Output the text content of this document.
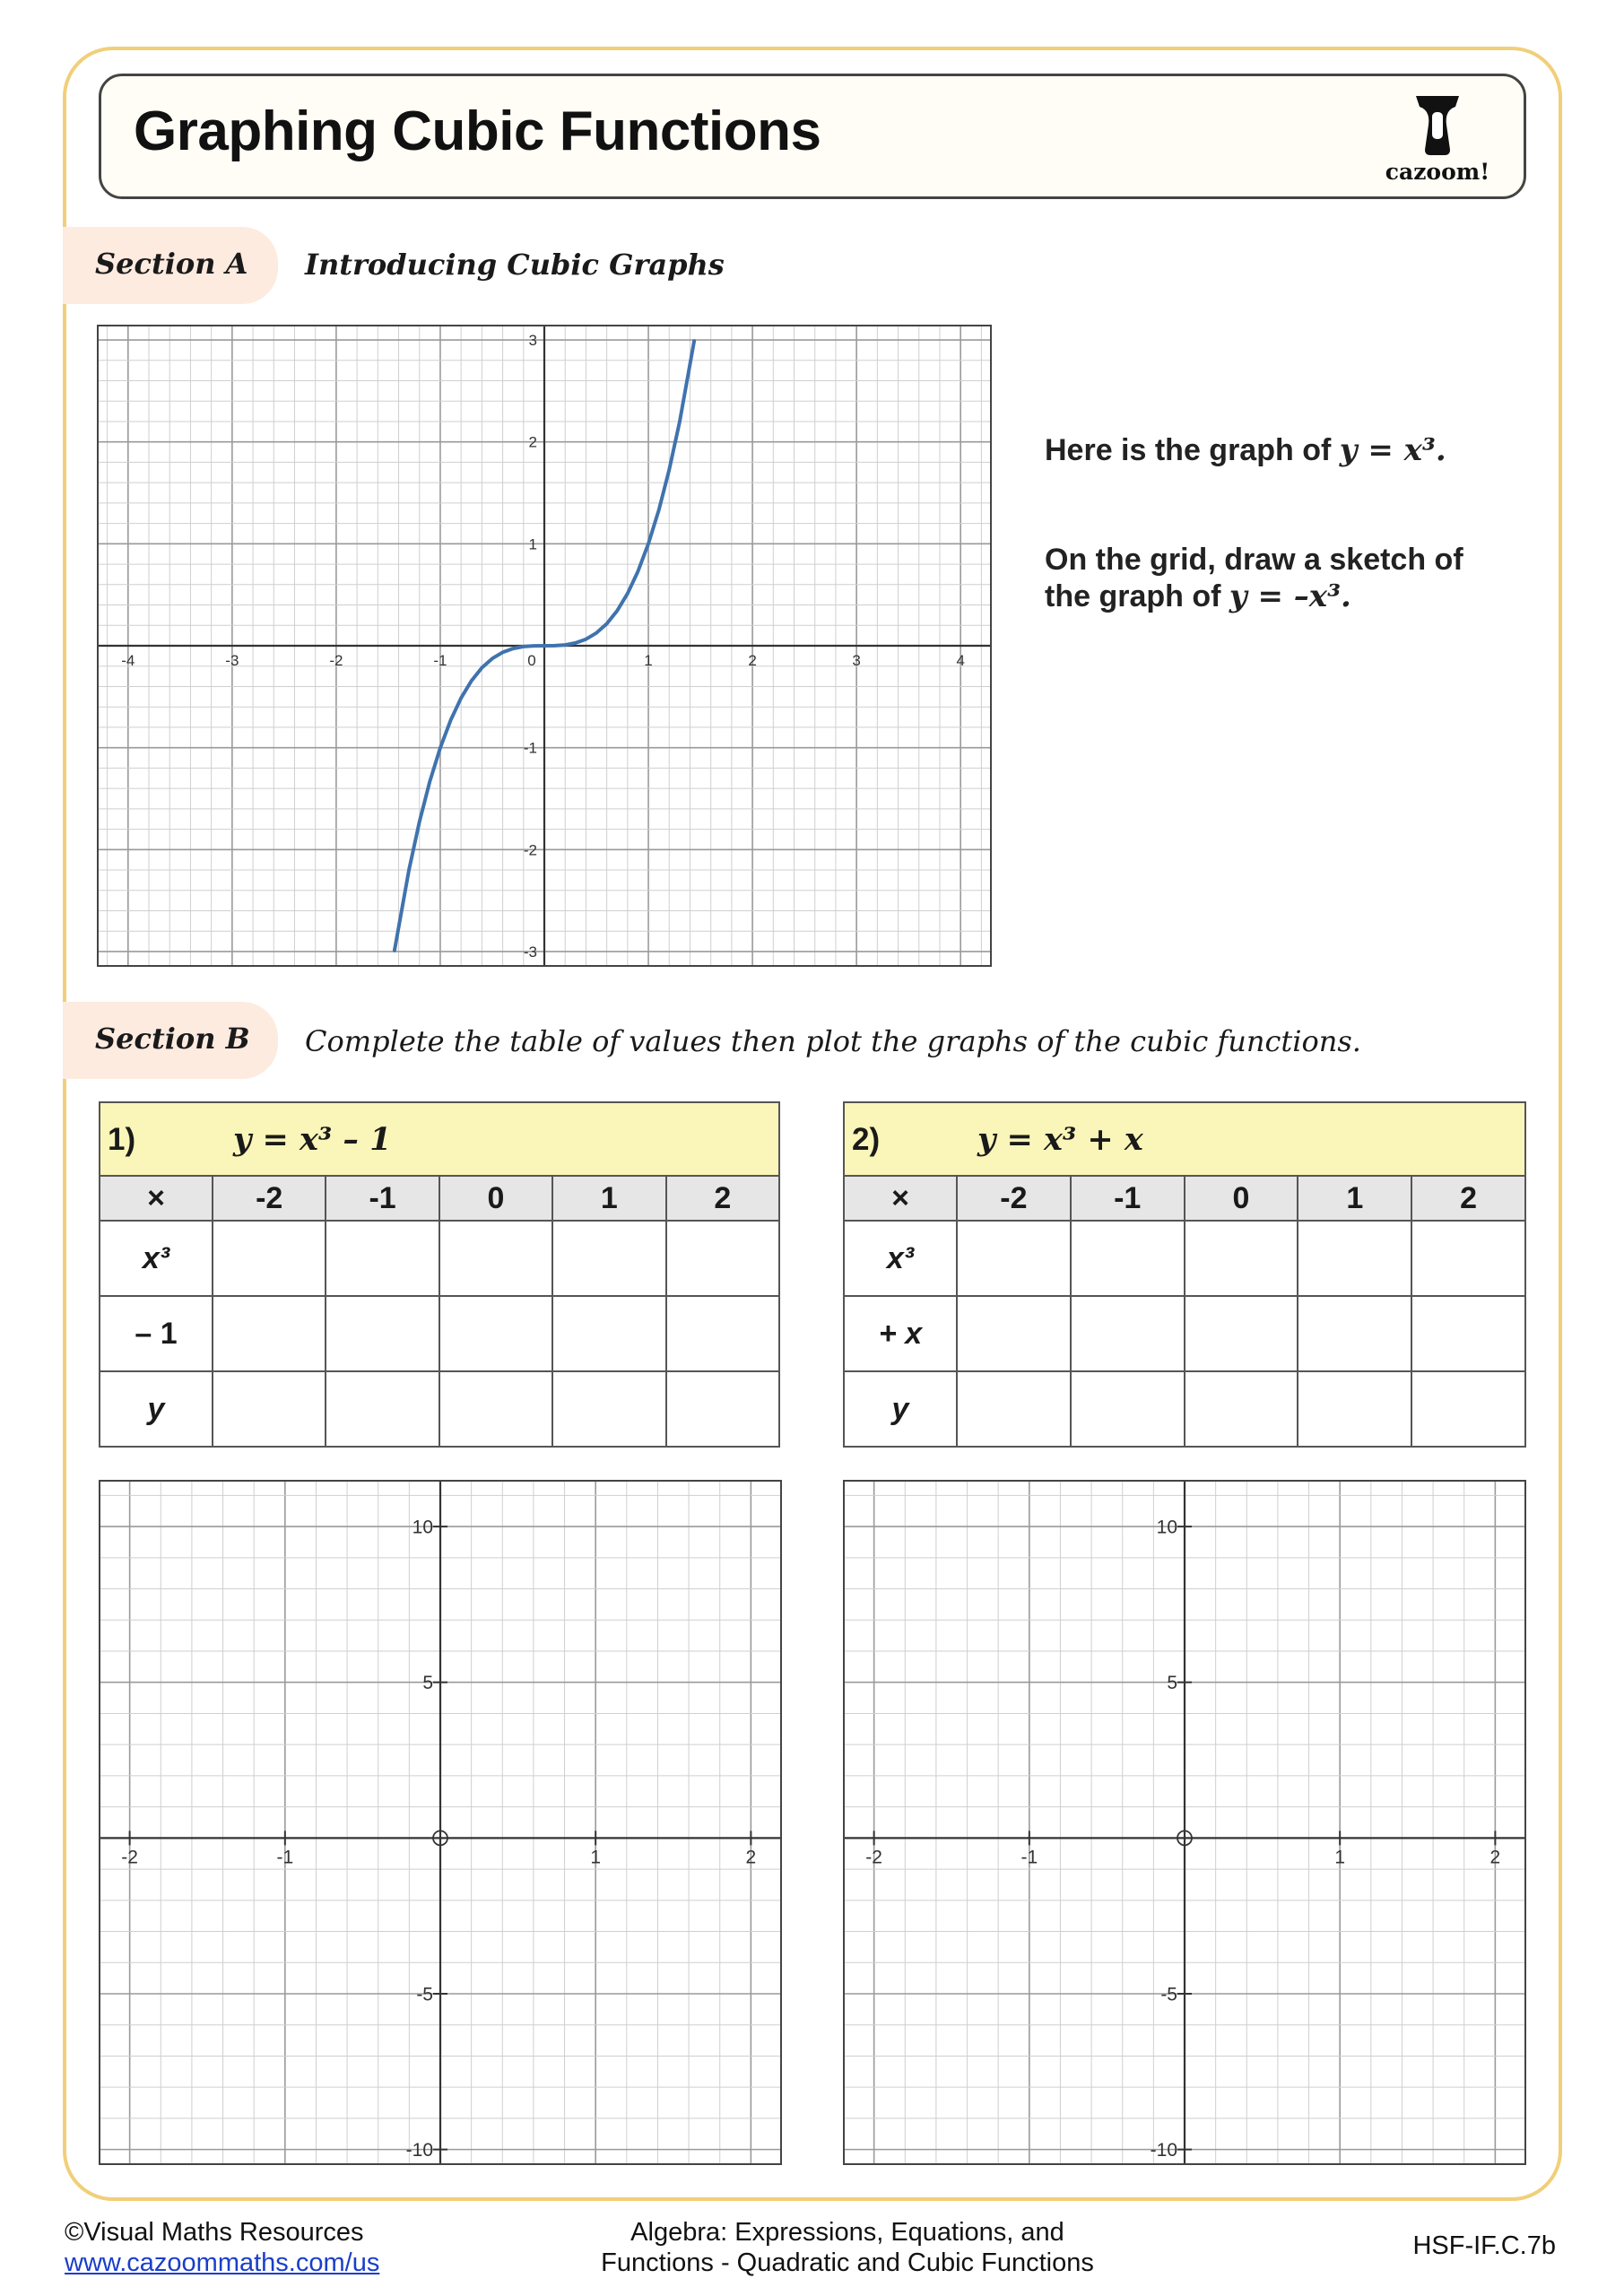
Graphing Cubic Functions
cazoom!
Section A Introducing Cubic Graphs
-4	-3	-2	-1	0	1	2	3	4
3
2
1
-1
-2
-3
Here is the graph of y = x³.
On the grid, draw a sketch of
the graph of y = –x³.
Section B Complete the table of values then plot the graphs of the cubic functions.
1) y = x³ – 1					
×	-2	-1	0	1	2
x³					
– 1					
y					
2) y = x³ + x					
×	-2	-1	0	1	2
x³					
+ x					
y					
-2	-1	1	2
10
5
-5
-10
-2	-1	1	2
10
5
-5
-10
©Visual Maths Resources
www.cazoommaths.com/us
Algebra: Expressions, Equations, and
Functions - Quadratic and Cubic Functions
HSF-IF.C.7b
